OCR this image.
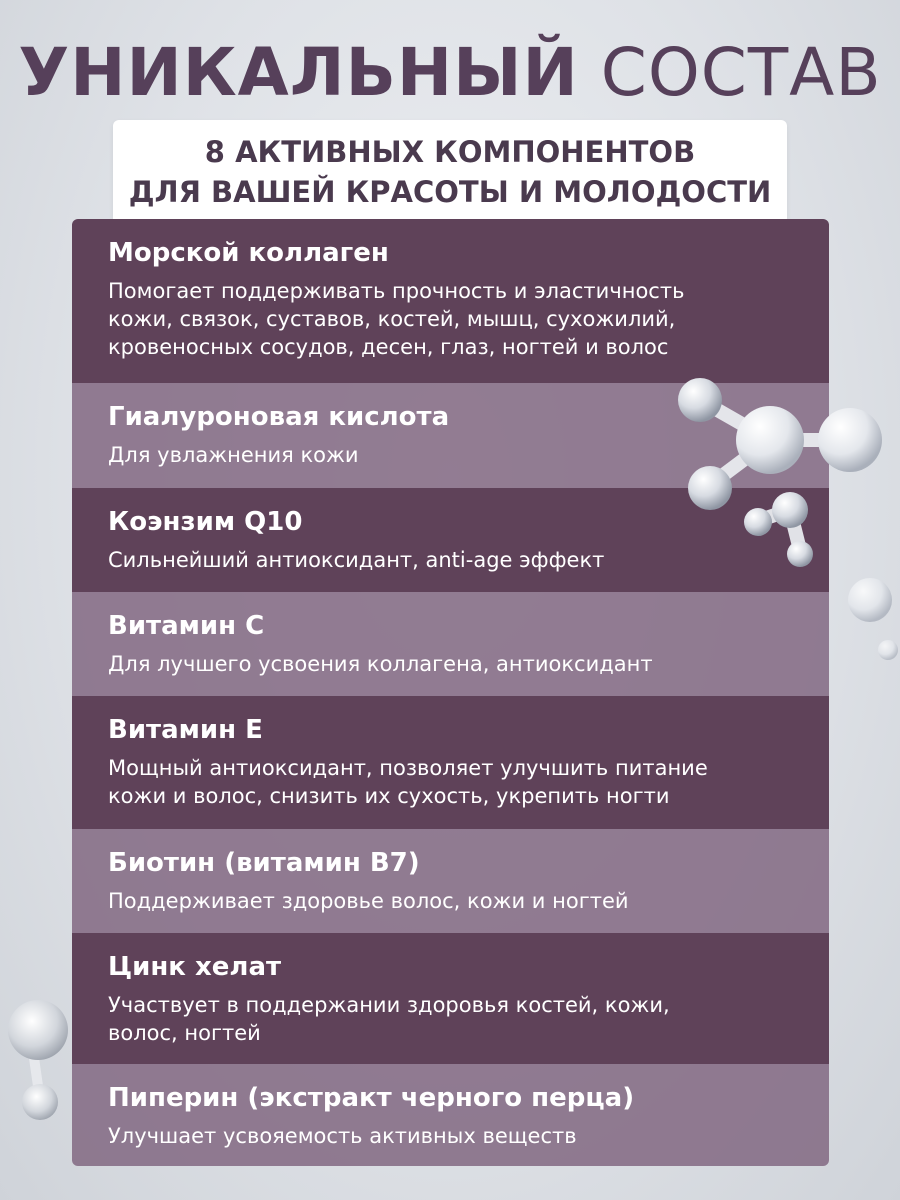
УНИКАЛЬНЫЙ СОСТАВ
8 АКТИВНЫХ КОМПОНЕНТОВ
ДЛЯ ВАШЕЙ КРАСОТЫ И МОЛОДОСТИ
Морской коллаген
Помогает поддерживать прочность и эластичность
кожи, связок, суставов, костей, мышц, сухожилий,
кровеносных сосудов, десен, глаз, ногтей и волос
Гиалуроновая кислота
Для увлажнения кожи
Коэнзим Q10
Сильнейший антиоксидант, anti-age эффект
Витамин С
Для лучшего усвоения коллагена, антиоксидант
Витамин Е
Мощный антиоксидант, позволяет улучшить питание
кожи и волос, снизить их сухость, укрепить ногти
Биотин (витамин В7)
Поддерживает здоровье волос, кожи и ногтей
Цинк хелат
Участвует в поддержании здоровья костей, кожи,
волос, ногтей
Пиперин (экстракт черного перца)
Улучшает усвояемость активных веществ
